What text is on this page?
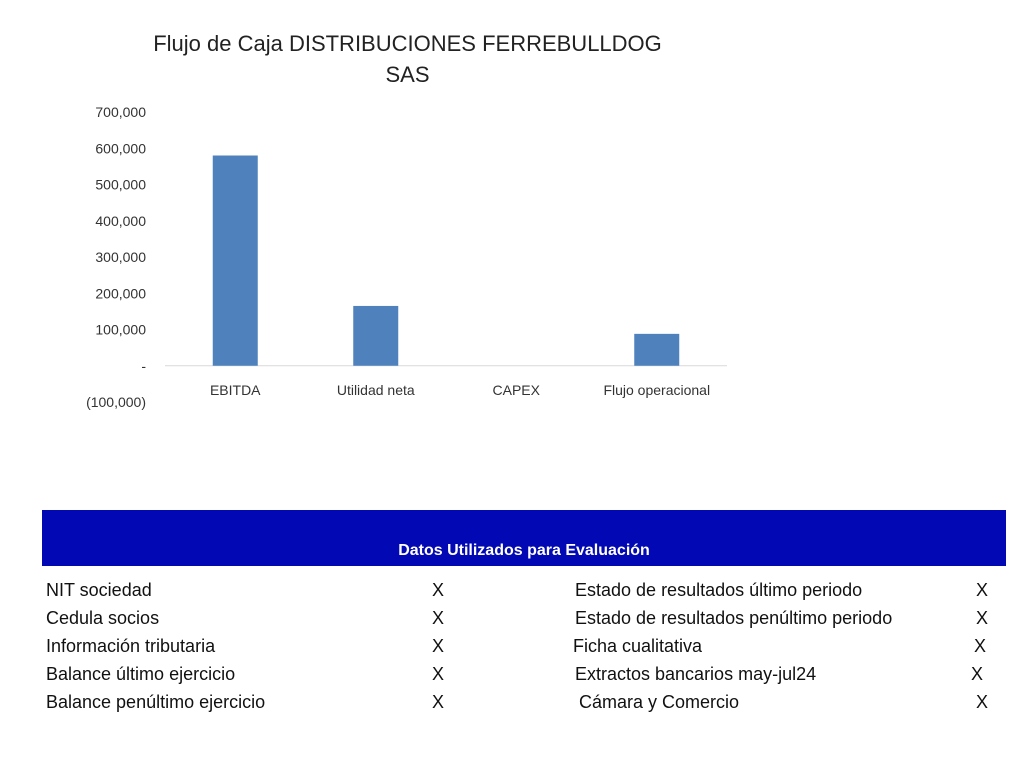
Flujo de Caja DISTRIBUCIONES FERREBULLDOG SAS
700,000
600,000
500,000
400,000
300,000
200,000
100,000
-
(100,000)
EBITDA	Utilidad neta	CAPEX	Flujo operacional
Datos Utilizados para Evaluación
NIT sociedad	X	Estado de resultados último periodo	X
Cedula socios	X	Estado de resultados penúltimo periodo	X
Información tributaria	X	Ficha cualitativa	X
Balance último ejercicio	X	Extractos bancarios may-jul24	X
Balance penúltimo ejercicio	X	Cámara y Comercio	X
